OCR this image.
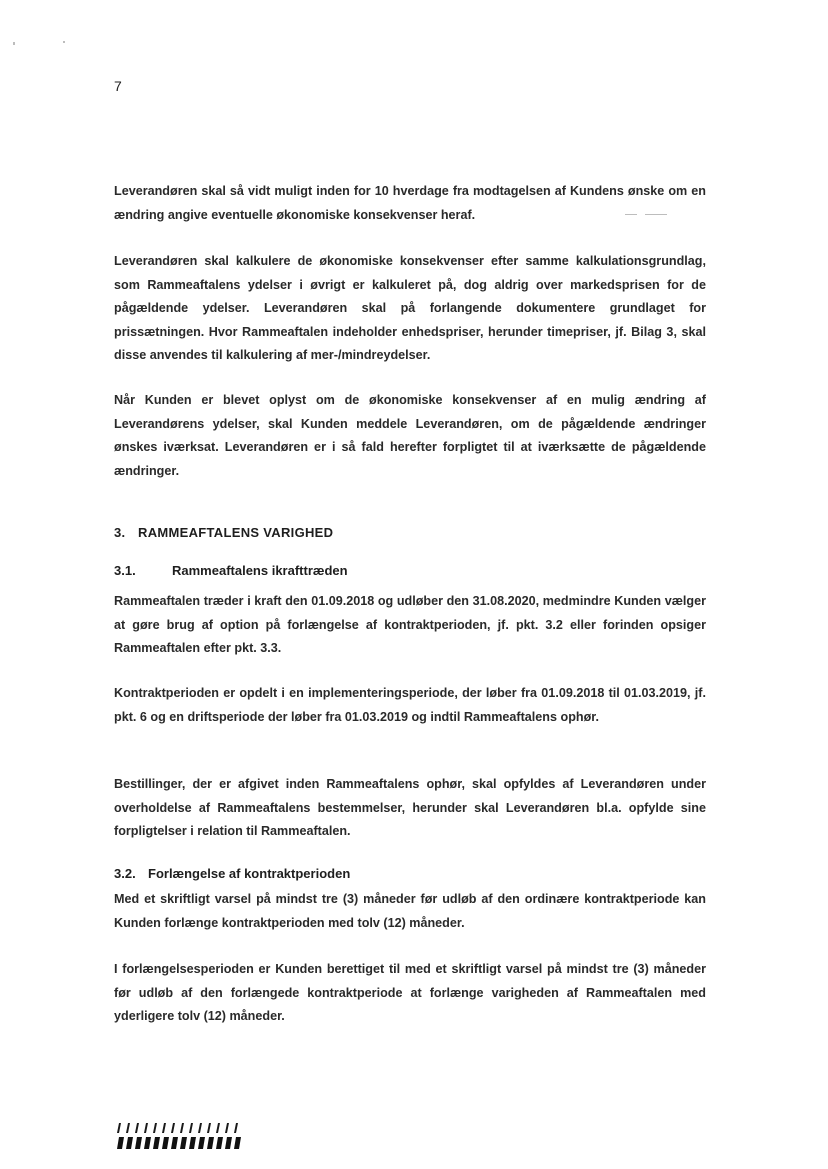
7

Leverandøren skal så vidt muligt inden for 10 hverdage fra modtagelsen af Kundens ønske om en ændring angive eventuelle økonomiske konsekvenser heraf.

Leverandøren skal kalkulere de økonomiske konsekvenser efter samme kalkulationsgrundlag, som Rammeaftalens ydelser i øvrigt er kalkuleret på, dog aldrig over markedsprisen for de pågældende ydelser. Leverandøren skal på forlangende dokumentere grundlaget for prissætningen. Hvor Rammeaftalen indeholder enhedspriser, herunder timepriser, jf. Bilag 3, skal disse anvendes til kalkulering af mer-/mindreydelser.

Når Kunden er blevet oplyst om de økonomiske konsekvenser af en mulig ændring af Leverandørens ydelser, skal Kunden meddele Leverandøren, om de pågældende ændringer ønskes iværksat. Leverandøren er i så fald herefter forpligtet til at iværksætte de pågældende ændringer.

3. RAMMEAFTALENS VARIGHED
3.1.	Rammeaftalens ikrafttræden

Rammeaftalen træder i kraft den 01.09.2018 og udløber den 31.08.2020, medmindre Kunden vælger at gøre brug af option på forlængelse af kontraktperioden, jf. pkt. 3.2 eller forinden opsiger Rammeaftalen efter pkt. 3.3.

Kontraktperioden er opdelt i en implementeringsperiode, der løber fra 01.09.2018 til 01.03.2019, jf. pkt. 6 og en driftsperiode der løber fra 01.03.2019 og indtil Rammeaftalens ophør.

Bestillinger, der er afgivet inden Rammeaftalens ophør, skal opfyldes af Leverandøren under overholdelse af Rammeaftalens bestemmelser, herunder skal Leverandøren bl.a. opfylde sine forpligtelser i relation til Rammeaftalen.

3.2. Forlængelse af kontraktperioden

Med et skriftligt varsel på mindst tre (3) måneder før udløb af den ordinære kontraktperiode kan Kunden forlænge kontraktperioden med tolv (12) måneder.

I forlængelsesperioden er Kunden berettiget til med et skriftligt varsel på mindst tre (3) måneder før udløb af den forlængede kontraktperiode at forlænge varigheden af Rammeaftalen med yderligere tolv (12) måneder.
